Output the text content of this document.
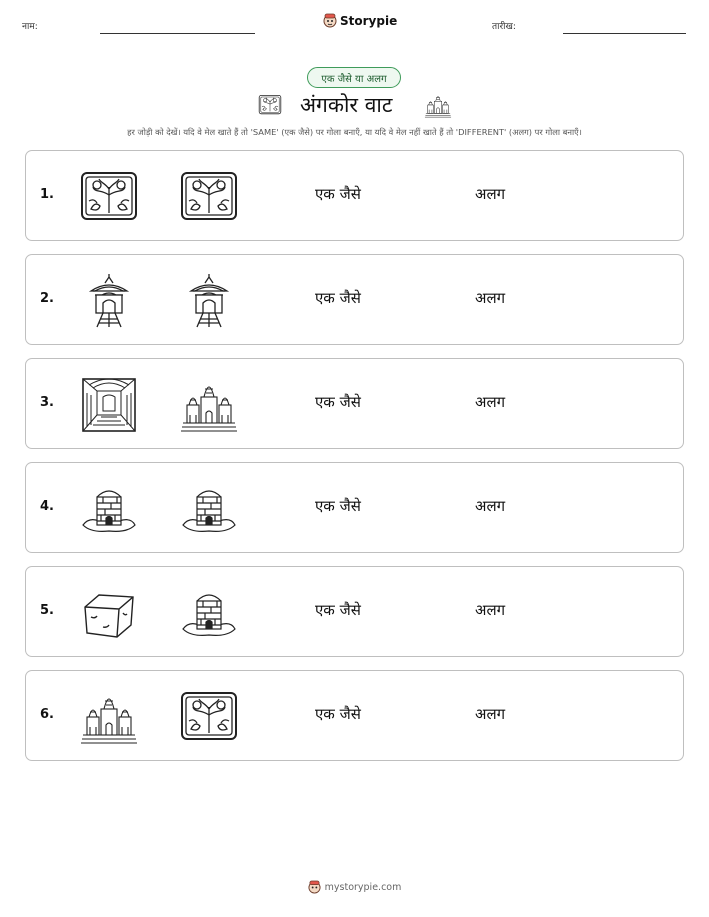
नाम:	Storypie	तारीख:
एक जैसे या अलग
अंगकोर वाट
हर जोड़ी को देखें। यदि वे मेल खाते हैं तो 'SAME' (एक जैसे) पर गोला बनाएँ, या यदि वे मेल नहीं खाते हैं तो 'DIFFERENT' (अलग) पर गोला बनाएँ।
1.	एक जैसे	अलग
2.	एक जैसे	अलग
3.	एक जैसे	अलग
4.	एक जैसे	अलग
5.	एक जैसे	अलग
6.	एक जैसे	अलग
mystorypie.com
